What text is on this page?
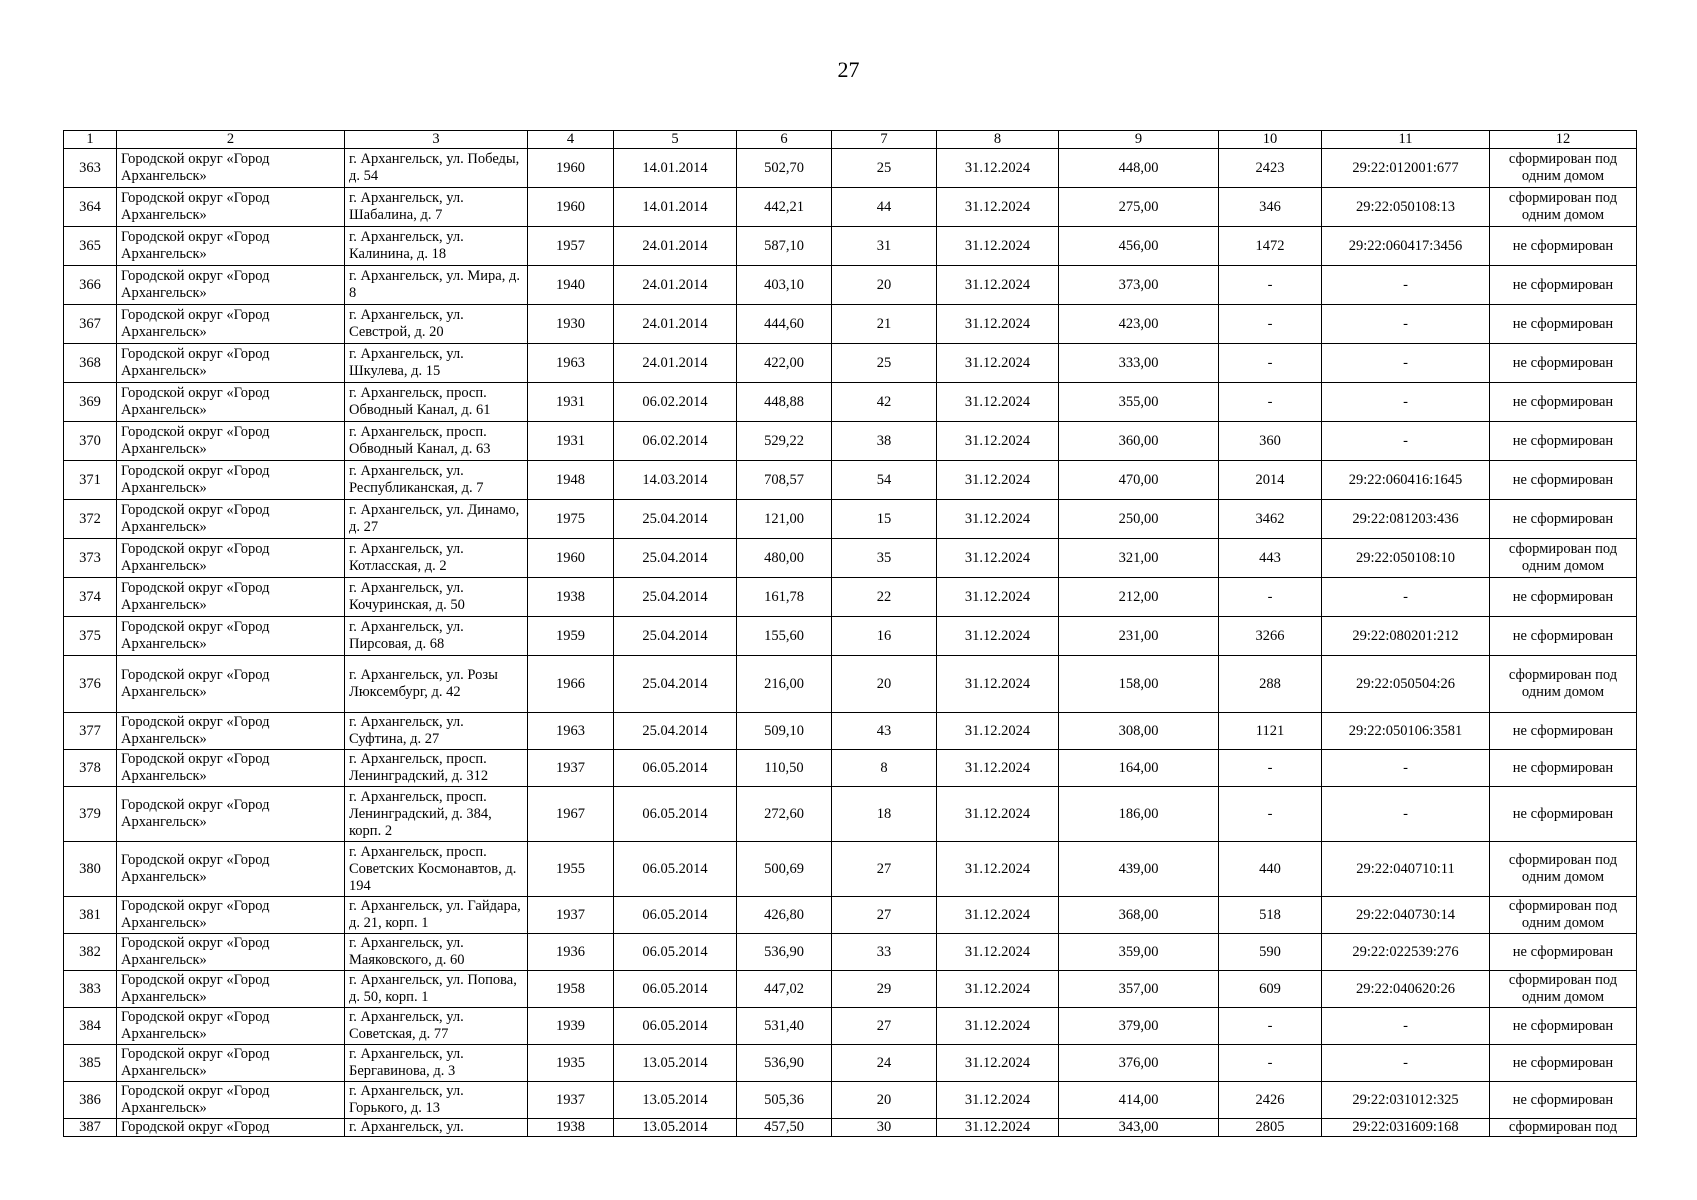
27
1	2	3	4	5	6	7	8	9	10	11	12
363	Городской округ «Город Архангельск»	г. Архангельск, ул. Победы, д. 54	1960	14.01.2014	502,70	25	31.12.2024	448,00	2423	29:22:012001:677	сформирован под одним домом
364	Городской округ «Город Архангельск»	г. Архангельск, ул. Шабалина, д. 7	1960	14.01.2014	442,21	44	31.12.2024	275,00	346	29:22:050108:13	сформирован под одним домом
365	Городской округ «Город Архангельск»	г. Архангельск, ул. Калинина, д. 18	1957	24.01.2014	587,10	31	31.12.2024	456,00	1472	29:22:060417:3456	не сформирован
366	Городской округ «Город Архангельск»	г. Архангельск, ул. Мира, д. 8	1940	24.01.2014	403,10	20	31.12.2024	373,00	-	-	не сформирован
367	Городской округ «Город Архангельск»	г. Архангельск, ул. Севстрой, д. 20	1930	24.01.2014	444,60	21	31.12.2024	423,00	-	-	не сформирован
368	Городской округ «Город Архангельск»	г. Архангельск, ул. Шкулева, д. 15	1963	24.01.2014	422,00	25	31.12.2024	333,00	-	-	не сформирован
369	Городской округ «Город Архангельск»	г. Архангельск, просп. Обводный Канал, д. 61	1931	06.02.2014	448,88	42	31.12.2024	355,00	-	-	не сформирован
370	Городской округ «Город Архангельск»	г. Архангельск, просп. Обводный Канал, д. 63	1931	06.02.2014	529,22	38	31.12.2024	360,00	360	-	не сформирован
371	Городской округ «Город Архангельск»	г. Архангельск, ул. Республиканская, д. 7	1948	14.03.2014	708,57	54	31.12.2024	470,00	2014	29:22:060416:1645	не сформирован
372	Городской округ «Город Архангельск»	г. Архангельск, ул. Динамо, д. 27	1975	25.04.2014	121,00	15	31.12.2024	250,00	3462	29:22:081203:436	не сформирован
373	Городской округ «Город Архангельск»	г. Архангельск, ул. Котласская, д. 2	1960	25.04.2014	480,00	35	31.12.2024	321,00	443	29:22:050108:10	сформирован под одним домом
374	Городской округ «Город Архангельск»	г. Архангельск, ул. Кочуринская, д. 50	1938	25.04.2014	161,78	22	31.12.2024	212,00	-	-	не сформирован
375	Городской округ «Город Архангельск»	г. Архангельск, ул. Пирсовая, д. 68	1959	25.04.2014	155,60	16	31.12.2024	231,00	3266	29:22:080201:212	не сформирован
376	Городской округ «Город Архангельск»	г. Архангельск, ул. Розы Люксембург, д. 42	1966	25.04.2014	216,00	20	31.12.2024	158,00	288	29:22:050504:26	сформирован под одним домом
377	Городской округ «Город Архангельск»	г. Архангельск, ул. Суфтина, д. 27	1963	25.04.2014	509,10	43	31.12.2024	308,00	1121	29:22:050106:3581	не сформирован
378	Городской округ «Город Архангельск»	г. Архангельск, просп. Ленинградский, д. 312	1937	06.05.2014	110,50	8	31.12.2024	164,00	-	-	не сформирован
379	Городской округ «Город Архангельск»	г. Архангельск, просп. Ленинградский, д. 384, корп. 2	1967	06.05.2014	272,60	18	31.12.2024	186,00	-	-	не сформирован
380	Городской округ «Город Архангельск»	г. Архангельск, просп. Советских Космонавтов, д. 194	1955	06.05.2014	500,69	27	31.12.2024	439,00	440	29:22:040710:11	сформирован под одним домом
381	Городской округ «Город Архангельск»	г. Архангельск, ул. Гайдара, д. 21, корп. 1	1937	06.05.2014	426,80	27	31.12.2024	368,00	518	29:22:040730:14	сформирован под одним домом
382	Городской округ «Город Архангельск»	г. Архангельск, ул. Маяковского, д. 60	1936	06.05.2014	536,90	33	31.12.2024	359,00	590	29:22:022539:276	не сформирован
383	Городской округ «Город Архангельск»	г. Архангельск, ул. Попова, д. 50, корп. 1	1958	06.05.2014	447,02	29	31.12.2024	357,00	609	29:22:040620:26	сформирован под одним домом
384	Городской округ «Город Архангельск»	г. Архангельск, ул. Советская, д. 77	1939	06.05.2014	531,40	27	31.12.2024	379,00	-	-	не сформирован
385	Городской округ «Город Архангельск»	г. Архангельск, ул. Бергавинова, д. 3	1935	13.05.2014	536,90	24	31.12.2024	376,00	-	-	не сформирован
386	Городской округ «Город Архангельск»	г. Архангельск, ул. Горького, д. 13	1937	13.05.2014	505,36	20	31.12.2024	414,00	2426	29:22:031012:325	не сформирован
387	Городской округ «Город	г. Архангельск, ул.	1938	13.05.2014	457,50	30	31.12.2024	343,00	2805	29:22:031609:168	сформирован под
